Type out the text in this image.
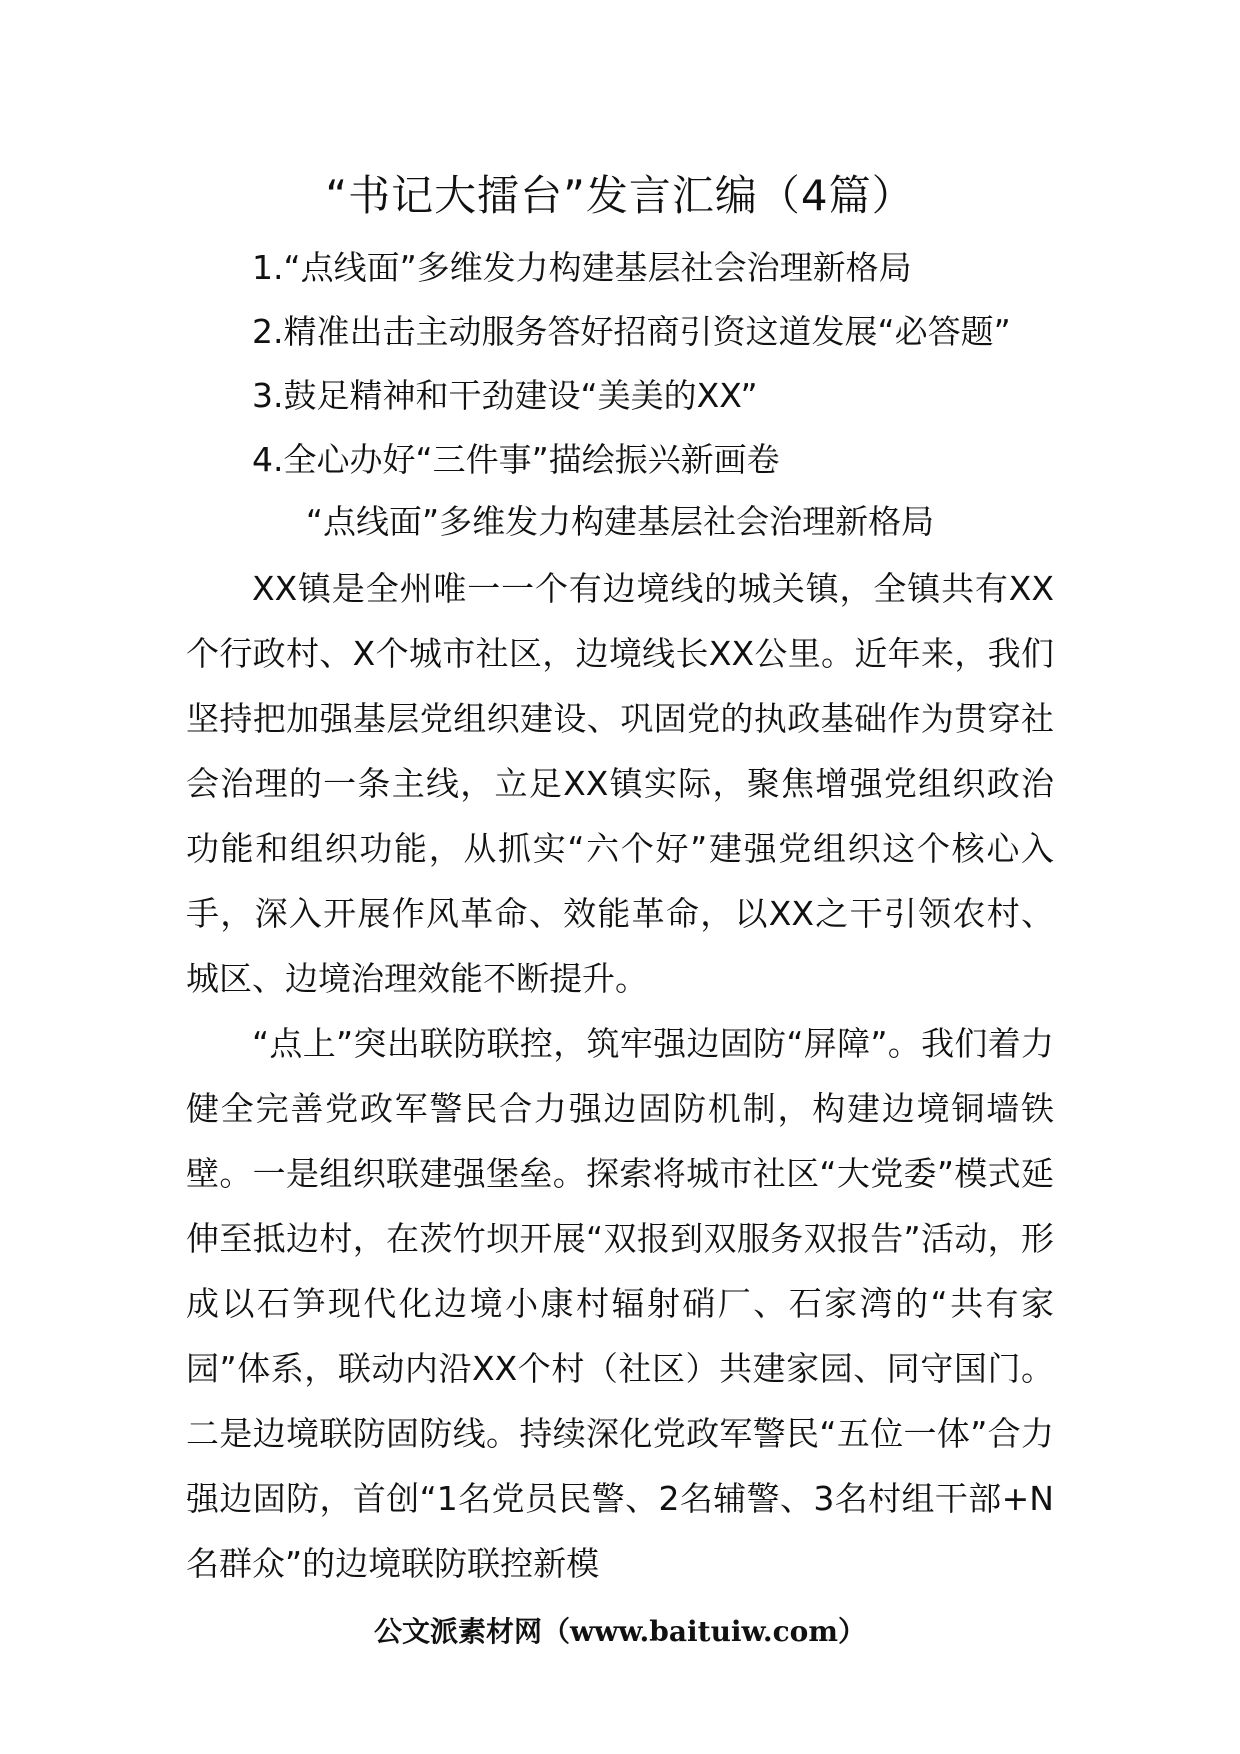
“书记大擂台”发言汇编（4篇）
1.“点线面”多维发力构建基层社会治理新格局
2.精准出击主动服务答好招商引资这道发展“必答题”
3.鼓足精神和干劲建设“美美的XX”
4.全心办好“三件事”描绘振兴新画卷
“点线面”多维发力构建基层社会治理新格局

XX镇是全州唯一一个有边境线的城关镇，全镇共有XX个行政村、X个城市社区，边境线长XX公里。近年来，我们坚持把加强基层党组织建设、巩固党的执政基础作为贯穿社会治理的一条主线，立足XX镇实际，聚焦增强党组织政治功能和组织功能，从抓实“六个好”建强党组织这个核心入手，深入开展作风革命、效能革命，以XX之干引领农村、城区、边境治理效能不断提升。

“点上”突出联防联控，筑牢强边固防“屏障”。我们着力健全完善党政军警民合力强边固防机制，构建边境铜墙铁壁。一是组织联建强堡垒。探索将城市社区“大党委”模式延伸至抵边村，在茨竹坝开展“双报到双服务双报告”活动，形成以石笋现代化边境小康村辐射硝厂、石家湾的“共有家园”体系，联动内沿XX个村（社区）共建家园、同守国门。二是边境联防固防线。持续深化党政军警民“五位一体”合力强边固防，首创“1名党员民警、2名辅警、3名村组干部+N名群众”的边境联防联控新模

公文派素材网（www.baituiw.com）
